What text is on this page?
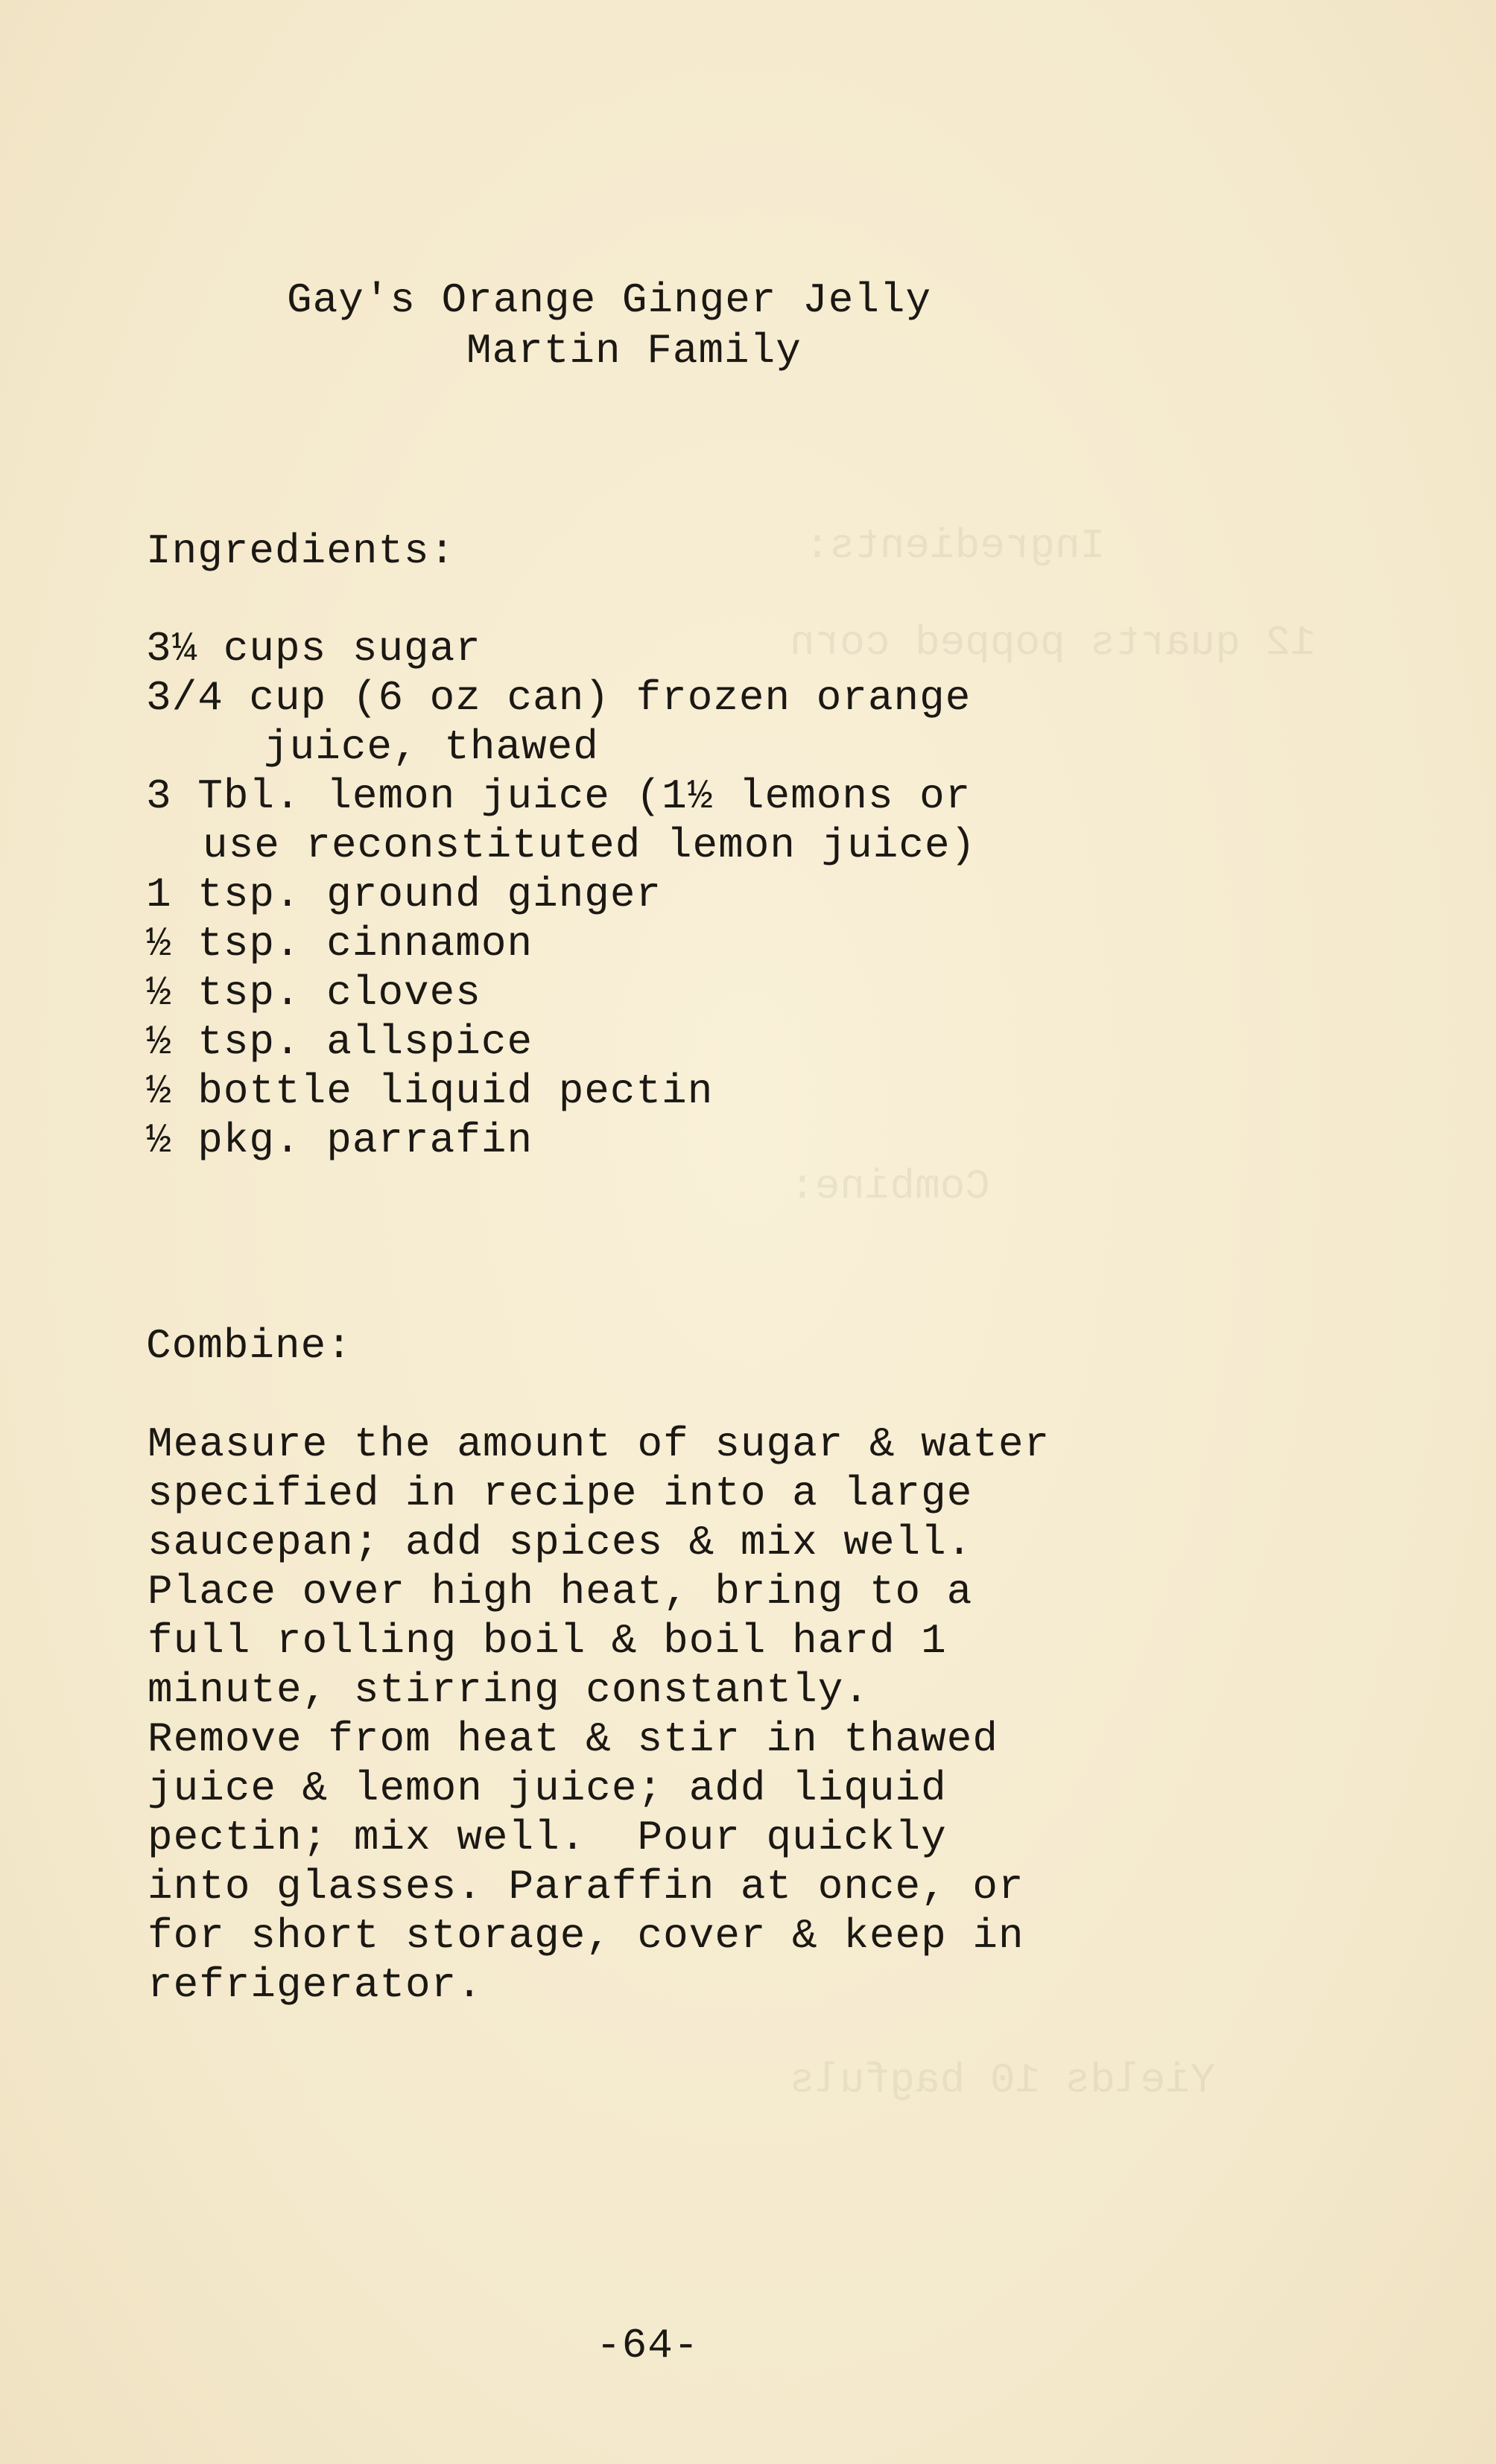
Ingredients:
12 quarts popped corn
Combine:
Yields 10 bagfuls
Gay's Orange Ginger Jelly
Martin Family
Ingredients:
3¼ cups sugar
3/4 cup (6 oz can) frozen orange
juice, thawed
3 Tbl. lemon juice (1½ lemons or
use reconstituted lemon juice)
1 tsp. ground ginger
½ tsp. cinnamon
½ tsp. cloves
½ tsp. allspice
½ bottle liquid pectin
½ pkg. parrafin
Combine:
Measure the amount of sugar & water
specified in recipe into a large
saucepan; add spices & mix well.
Place over high heat, bring to a
full rolling boil & boil hard 1
minute, stirring constantly.
Remove from heat & stir in thawed
juice & lemon juice; add liquid
pectin; mix well.  Pour quickly
into glasses. Paraffin at once, or
for short storage, cover & keep in
refrigerator.
-64-
